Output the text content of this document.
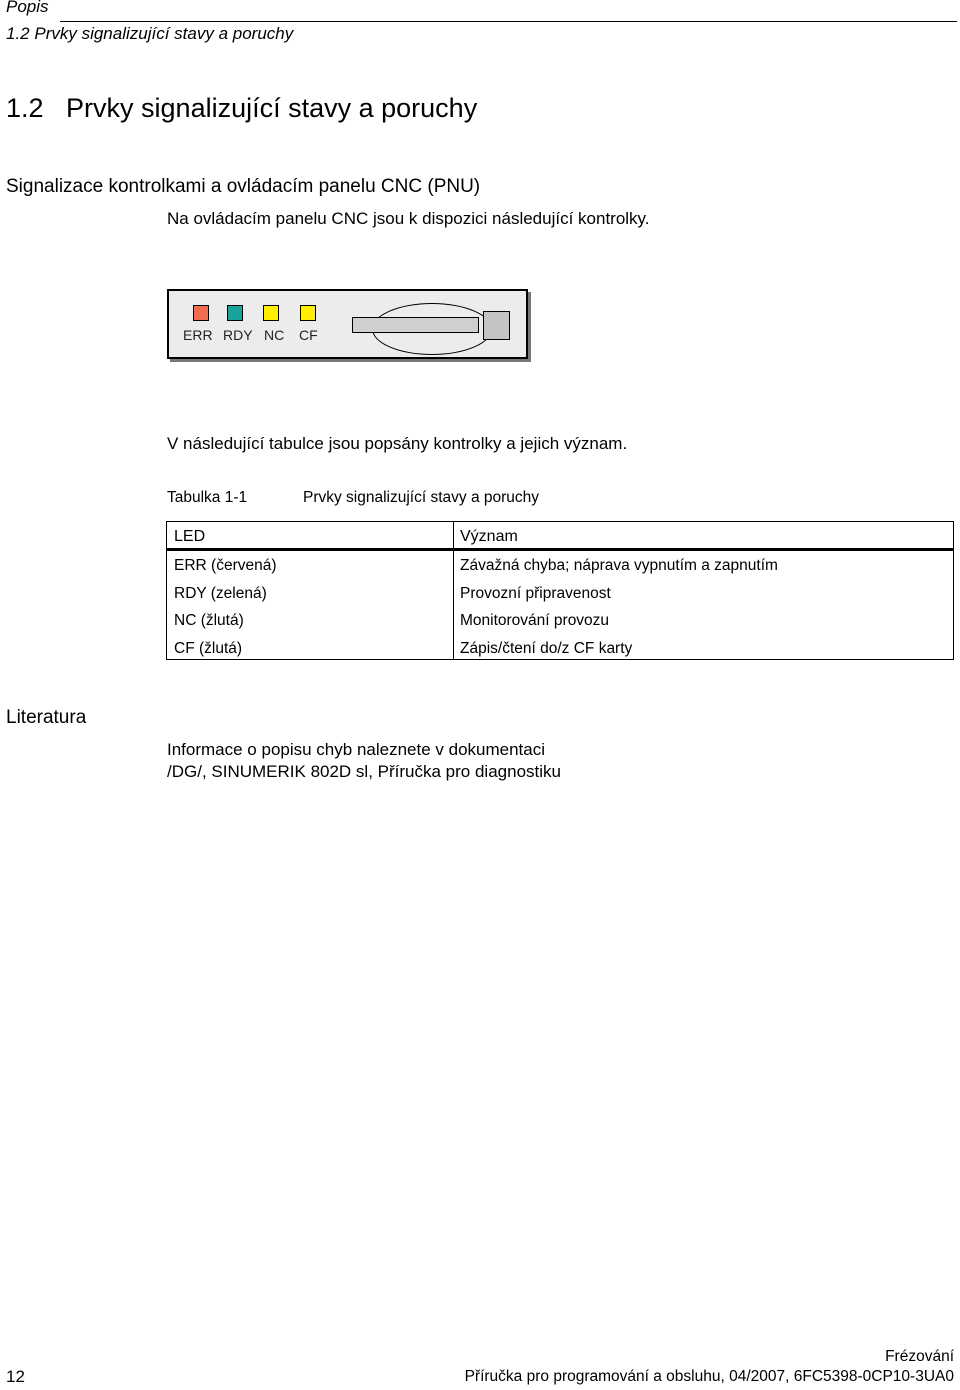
Popis
1.2 Prvky signalizující stavy a poruchy
1.2   Prvky signalizující stavy a poruchy
Signalizace kontrolkami a ovládacím panelu CNC (PNU)
Na ovládacím panelu CNC jsou k dispozici následující kontrolky.
ERR RDY NC CF
V následující tabulce jsou popsány kontrolky a jejich význam.
Tabulka 1-1	Prvky signalizující stavy a poruchy
LED	Význam
ERR (červená)	Závažná chyba; náprava vypnutím a zapnutím
RDY (zelená)	Provozní připravenost
NC (žlutá)	Monitorování provozu
CF (žlutá)	Zápis/čtení do/z CF karty
Literatura
Informace o popisu chyb naleznete v dokumentaci
/DG/, SINUMERIK 802D sl, Příručka pro diagnostiku
Frézování
12	Příručka pro programování a obsluhu, 04/2007, 6FC5398-0CP10-3UA0
